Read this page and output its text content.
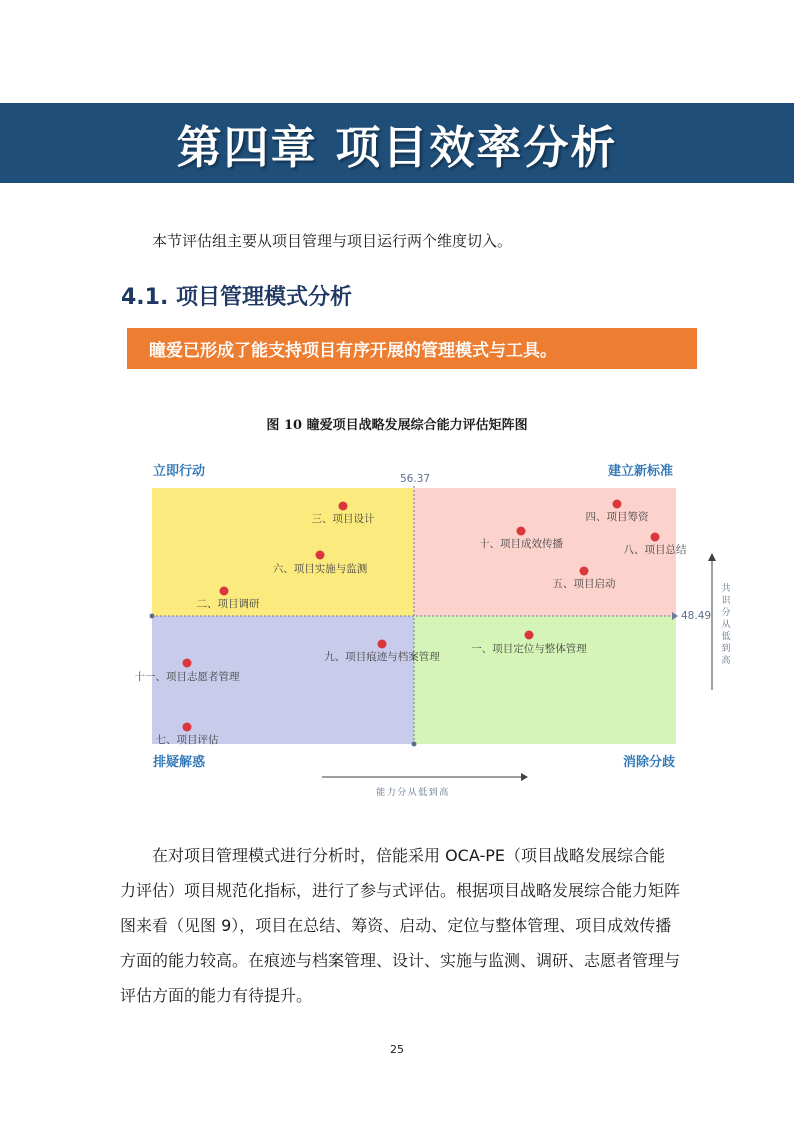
第四章 项目效率分析
本节评估组主要从项目管理与项目运行两个维度切入。
4.1. 项目管理模式分析
瞳爱已形成了能支持项目有序开展的管理模式与工具。
图 10 瞳爱项目战略发展综合能力评估矩阵图
56.37
48.49
立即行动	建立新标准
排疑解惑	消除分歧
三、项目设计
六、项目实施与监测
二、项目调研
四、项目筹资
十、项目成效传播	八、项目总结
五、项目启动
九、项目痕迹与档案管理
一、项目定位与整体管理
十一、项目志愿者管理
七、项目评估
能力分从低到高
共
识
分
从
低
到
高

在对项目管理模式进行分析时，倍能采用 OCA-PE（项目战略发展综合能力评估）项目规范化指标，进行了参与式评估。根据项目战略发展综合能力矩阵图来看（见图 9），项目在总结、筹资、启动、定位与整体管理、项目成效传播方面的能力较高。在痕迹与档案管理、设计、实施与监测、调研、志愿者管理与评估方面的能力有待提升。

25
